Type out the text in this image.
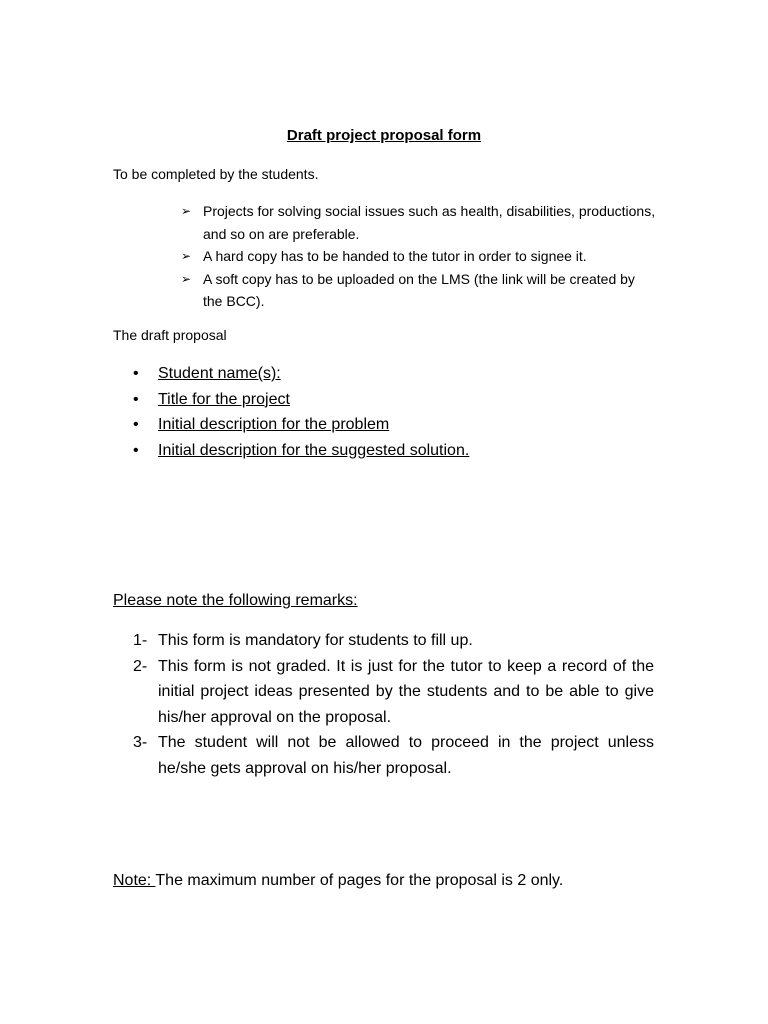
Draft project proposal form
To be completed by the students.
➢ Projects for solving social issues such as health, disabilities, productions, and so on are preferable.
➢ A hard copy has to be handed to the tutor in order to signee it.
➢ A soft copy has to be uploaded on the LMS (the link will be created by the BCC).
The draft proposal
• Student name(s):
• Title for the project
• Initial description for the problem
• Initial description for the suggested solution.
Please note the following remarks:
1- This form is mandatory for students to fill up.
2- This form is not graded. It is just for the tutor to keep a record of the initial project ideas presented by the students and to be able to give his/her approval on the proposal.
3- The student will not be allowed to proceed in the project unless he/she gets approval on his/her proposal.
Note: The maximum number of pages for the proposal is 2 only.
